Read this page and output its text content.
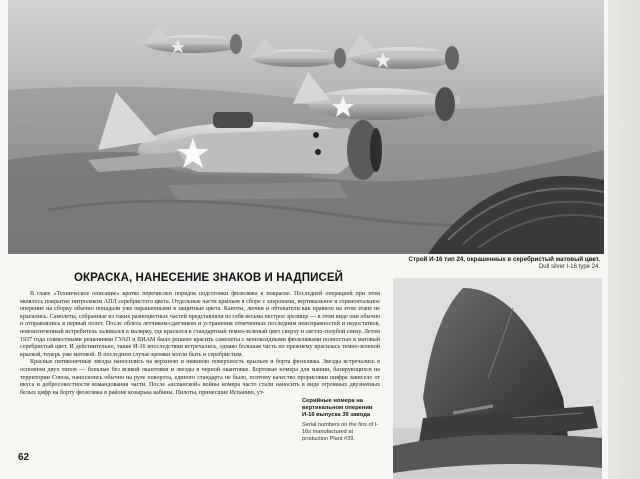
Строй И-16 тип 24, окрашенных в серебристый матовый цвет.
Dull silver I-16 type 24.
ОКРАСКА, НАНЕСЕНИЕ ЗНАКОВ И НАДПИСЕЙ

В главе «Техническое описание» кратко перечислен порядок подготовки фюзеляжа к покраске. Последней операцией при этом являлось покрытие нитролаком АПЛ серебристого цвета. Отдельные части крыльев в сборе с элеронами, вертикальное и горизонтальное оперение на сборку обычно попадали уже окрашенными в защитные цвета. Капоты, лючки и обтекатели как правило на этом этапе не красились. Самолеты, собранные из таких разнoцветных частей представляли из себя весьма пестрое зрелище — в этом виде они обычно и отправлялись в первый полет. После облета летчиком-сдатчиком и устранения отмеченных последним неисправностей и недостатков, новоиспеченный истребитель заливался в малярку, где красился в стандартный темно-зеленый цвет сверху и светло-голубой снизу. Летом 1937 года совместными решениями ГУАП и ВИАМ было решено красить самолеты с моноксидными фюзеляжами полностью в матовый серебристый цвет. И действительно, такие И-16 впоследствии встречались, однако большая часть по прежнему красилась темно-зеленой краской, теперь уже матовой. В последнем случае кромки могли быть и серебристым.

Красные пятиконечные звезды наносились на верхнюю и нижнюю поверхность крыльев и борта фюзеляжа. Звезды встречались в основном двух типов — блеклые без всякой окантовки и звезды в черной окантовке. Бортовые номера для машин, базирующихся на территории Союза, наносились обычно на руле поворота, единого стандарта не было, поэтому качество прорисовки шифра зависело от вкуса и добросовестности командования части. После «испанской» войны номера часто стали наносить в виде огромных двузначных белых цифр на борту фюзеляжа в районе козырька кабины. Пилоты, принесшие Испанию, ут-

62
Серийные номера на вертикальном оперении И-16 выпуска 39 завода
Serial numbers on the fins of I-16s manufactured at production Plant #39.
